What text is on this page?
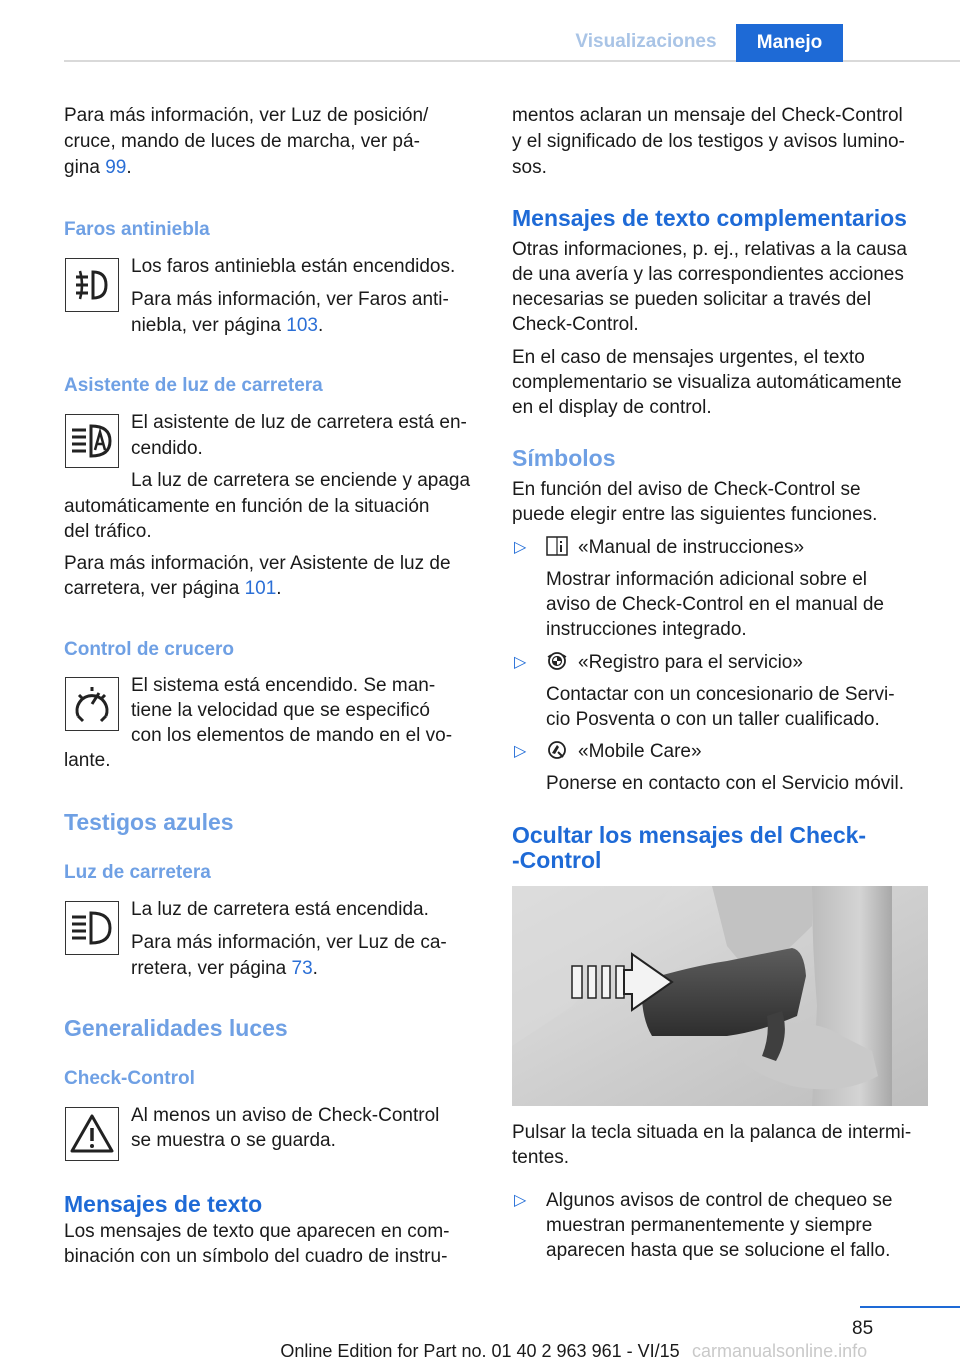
Visualizaciones	Manejo

Para más información, ver Luz de posición/

cruce, mando de luces de marcha, ver pá-

gina 99.

Faros antiniebla

Los faros antiniebla están encendidos.

Para más información, ver Faros anti-

niebla, ver página 103.

Asistente de luz de carretera

El asistente de luz de carretera está en-

cendido.

La luz de carretera se enciende y apaga

automáticamente en función de la situación

del tráfico.

Para más información, ver Asistente de luz de

carretera, ver página 101.

Control de crucero

El sistema está encendido. Se man-

tiene la velocidad que se especificó

con los elementos de mando en el vo-

lante.

Testigos azules
Luz de carretera

La luz de carretera está encendida.

Para más información, ver Luz de ca-

rretera, ver página 73.

Generalidades luces
Check-Control

Al menos un aviso de Check-Control

se muestra o se guarda.

Mensajes de texto

Los mensajes de texto que aparecen en com-

binación con un símbolo del cuadro de instru-

mentos aclaran un mensaje del Check-Control

y el significado de los testigos y avisos lumino-

sos.

Mensajes de texto complementarios

Otras informaciones, p. ej., relativas a la causa

de una avería y las correspondientes acciones

necesarias se pueden solicitar a través del

Check-Control.

En el caso de mensajes urgentes, el texto

complementario se visualiza automáticamente

en el display de control.

Símbolos

En función del aviso de Check-Control se

puede elegir entre las siguientes funciones.

▷	«Manual de instrucciones»

Mostrar información adicional sobre el

aviso de Check-Control en el manual de

instrucciones integrado.

▷	«Registro para el servicio»

Contactar con un concesionario de Servi-

cio Posventa o con un taller cualificado.

▷	«Mobile Care»

Ponerse en contacto con el Servicio móvil.

Ocultar los mensajes del Check-
-Control

Pulsar la tecla situada en la palanca de intermi-

tentes.

▷ Algunos avisos de control de chequeo se

muestran permanentemente y siempre

aparecen hasta que se solucione el fallo.

85
Online Edition for Part no. 01 40 2 963 961 - VI/15 carmanualsonline.info
